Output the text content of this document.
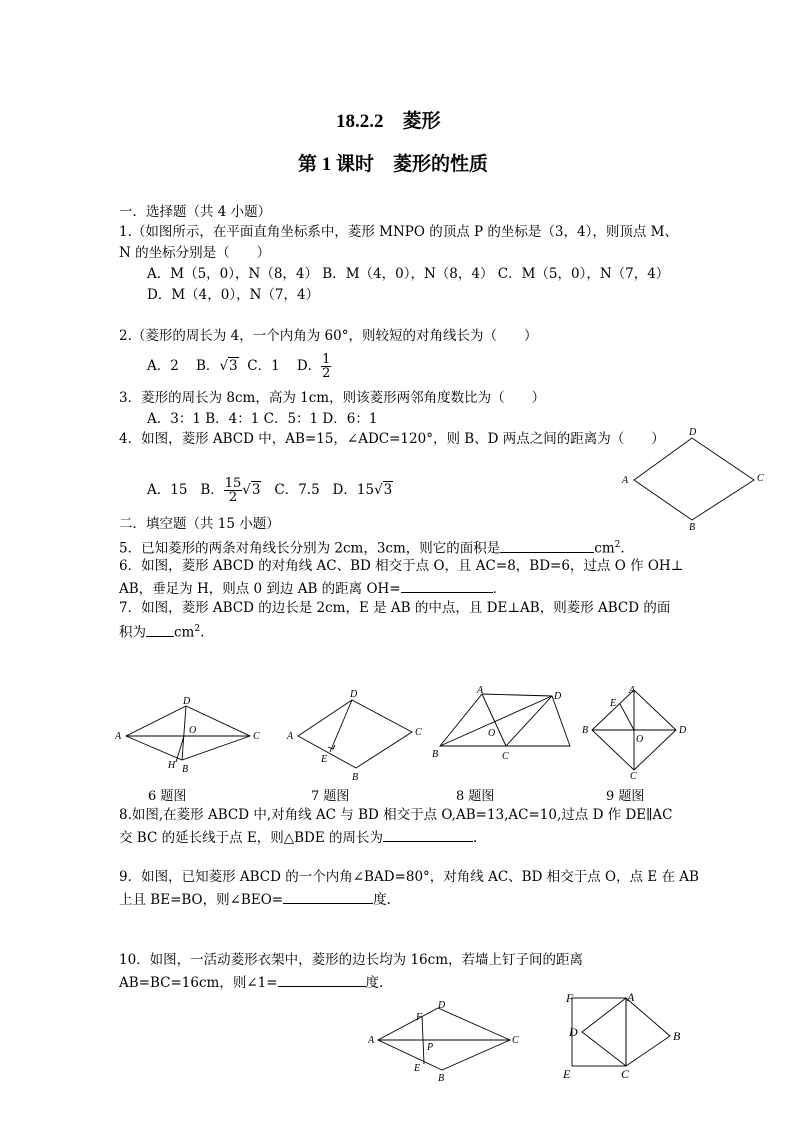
18.2.2 菱形
第 1 课时 菱形的性质
一．选择题（共 4 小题）
1.（如图所示，在平面直角坐标系中，菱形 MNPO 的顶点 P 的坐标是（3，4），则顶点 M、
N 的坐标分别是（　　）
A．M（5，0），N（8，4） B．M（4，0），N（8，4） C．M（5，0），N（7，4）
D．M（4，0），N（7，4）
2.（菱形的周长为 4，一个内角为 60°，则较短的对角线长为（　　）
A．2
B． √3
C．1
D． $\frac{1}{2}$
3．菱形的周长为 8cm，高为 1cm，则该菱形两邻角度数比为（　　）
A．3：1 B．4：1 C．5：1 D．6：1
4．如图，菱形 ABCD 中，AB=15，∠ADC=120°，则 B、D 两点之间的距离为（　　）
A．15
B． $\frac{15}{2} √3$
C．7.5
D．15 √3
A
B
C
D
二．填空题（共 15 小题）
5．已知菱形的两条对角线长分别为 2cm，3cm，则它的面积是	$cm^2$.
6．如图，菱形 ABCD 的对角线 AC、BD 相交于点 O，且 AC=8，BD=6，过点 O 作 OH⊥
AB，垂足为 H，则点 0 到边 AB 的距离 OH=	．
7．如图，菱形 ABCD 的边长是 2cm，E 是 AB 的中点，且 DE⊥AB，则菱形 ABCD 的面
积为 $cm^2$.
A
B
C
D
O
H
A
B
C
D
E
A
B	C
D
O
A
B
C
D
E
O
6 题图	7 题图	8 题图	9 题图
8.如图,在菱形 ABCD 中,对角线 AC 与 BD 相交于点 O,AB=13,AC=10,过点 D 作 DE∥AC
交 BC 的延长线于点 E，则△BDE 的周长为	.
9．如图，已知菱形 ABCD 的一个内角∠BAD=80°，对角线 AC、BD 相交于点 O，点 E 在 AB
上且 BE=BO，则∠BEO=	度.
10．如图，一活动菱形衣架中，菱形的边长均为 16cm，若墙上钉子间的距离
AB=BC=16cm，则∠1=	度.
A
B
C
D
E
F
P
A
B
C
D
E
F
